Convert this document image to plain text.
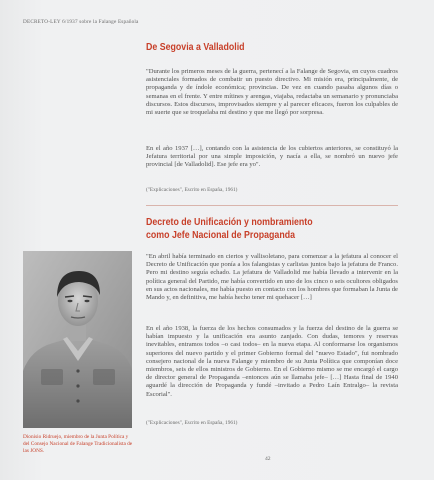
DECRETO-LEY 6/1937 sobre la Falange Española
De Segovia a Valladolid

"Durante los primeros meses de la guerra, pertenecí a la Falange de Segovia, en cuyos cuadros asistenciales formados de combatir un puesto directivo. Mi misión era, principalmente, de propaganda y de índole económica; provincias. De vez en cuando pasaba algunos días o semanas en el frente. Y entre mítines y arengas, viajaba, redactaba un semanario y pronunciaba discursos. Estos discursos, improvisados siempre y al parecer eficaces, fueron los culpables de mi suerte que se troquelaba mi destino y que me llegó por sorpresa.

En el año 1937 […], contando con la asistencia de los cubiertos anteriores, se constituyó la Jefatura territorial por una simple imposición, y nacía a ella, se nombró un nuevo jefe provincial [de Valladolid]. Ese jefe era yo".

("Explicaciones", Escrito en España, 1961)

Decreto de Unificación y nombramiento
como Jefe Nacional de Propaganda

"En abril había terminado en ciertos y vallisoletano, para comenzar a la jefatura al conocer el Decreto de Unificación que ponía a los falangistas y carlistas juntos bajo la jefatura de Franco. Pero mi destino seguía echado. La jefatura de Valladolid me había llevado a intervenir en la política general del Partido, me había convertido en uno de los cinco o seis ocultores obligados en sus actos nacionales, me había puesto en contacto con los hombres que formaban la Junta de Mando y, en definitiva, me había hecho tener mi quehacer […]

En el año 1938, la fuerza de los hechos consumados y la fuerza del destino de la guerra se habían impuesto y la unificación era asunto zanjado. Con dudas, temores y reservas inevitables, entramos todos –o casi todos– en la nueva etapa. Al conformarse los organismos superiores del nuevo partido y el primer Gobierno formal del "nuevo Estado", fui nombrado consejero nacional de la nueva Falange y miembro de su Junta Política que componían doce miembros, seis de ellos ministros de Gobierno. En el Gobierno mismo se me encargó el cargo de director general de Propaganda –entonces aún se llamaba jefe– […] Hasta final de 1940 aguardé la dirección de Propaganda y fundé –invitado a Pedro Laín Entralgo– la revista Escorial".

("Explicaciones", Escrito en España, 1961)

Dionisio Ridruejo, miembro de la Junta Política y del Consejo Nacional de Falange Tradicionalista de las JONS.
42
